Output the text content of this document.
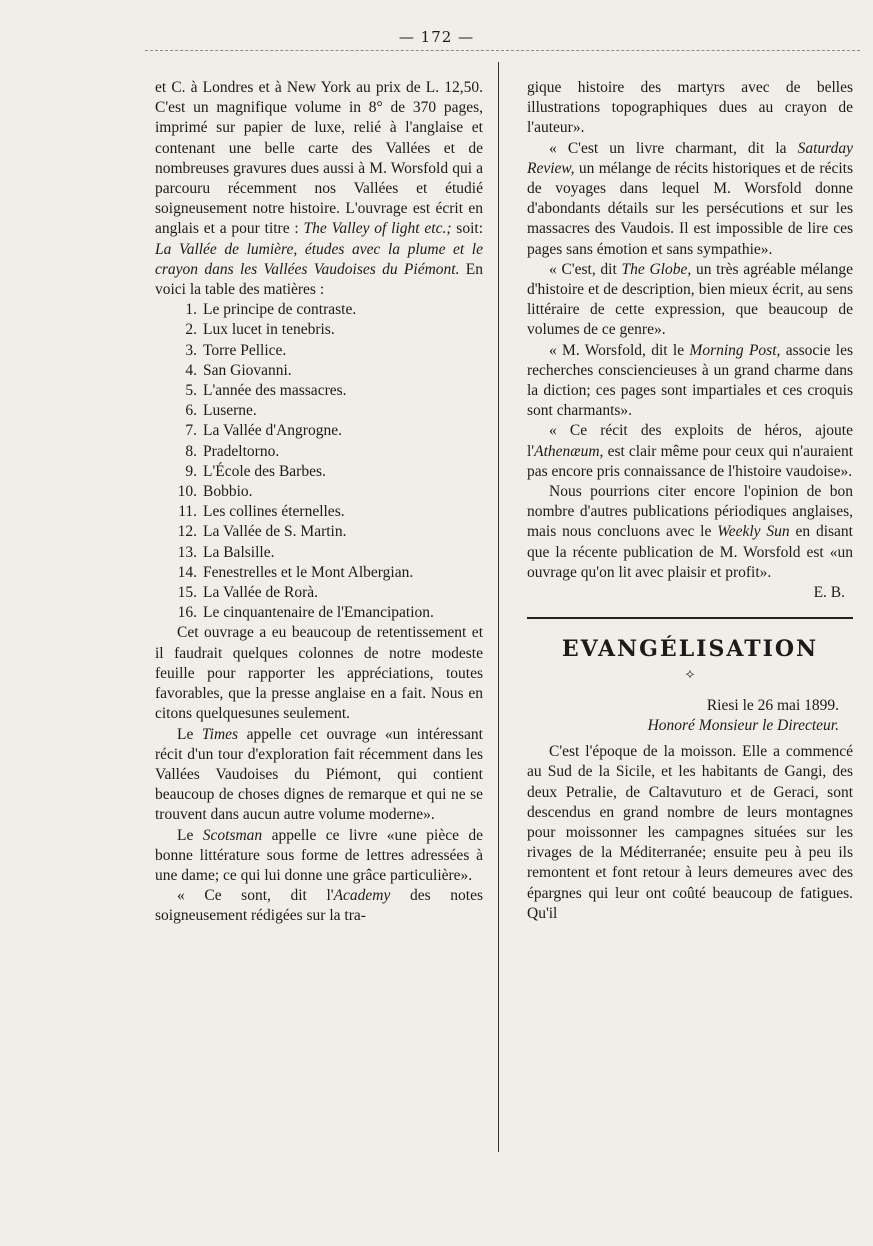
— 172 —

et C. à Londres et à New York au prix de L. 12,50. C'est un magnifique volume in 8° de 370 pages, imprimé sur papier de luxe, relié à l'anglaise et contenant une belle carte des Vallées et de nombreuses gravures dues aussi à M. Worsfold qui a parcouru récemment nos Vallées et étudié soigneusement notre histoire. L'ouvrage est écrit en anglais et a pour titre : The Valley of light etc.; soit: La Vallée de lumière, études avec la plume et le crayon dans les Vallées Vaudoises du Piémont. En voici la table des matières :

1. Le principe de contraste.
2. Lux lucet in tenebris.
3. Torre Pellice.
4. San Giovanni.
5. L'année des massacres.
6. Luserne.
7. La Vallée d'Angrogne.
8. Pradeltorno.
9. L'École des Barbes.
10. Bobbio.
11. Les collines éternelles.
12. La Vallée de S. Martin.
13. La Balsille.
14. Fenestrelles et le Mont Albergian.
15. La Vallée de Rorà.
16. Le cinquantenaire de l'Emancipation.

Cet ouvrage a eu beaucoup de retentissement et il faudrait quelques colonnes de notre modeste feuille pour rapporter les appréciations, toutes favorables, que la presse anglaise en a fait. Nous en citons quelquesunes seulement.

Le Times appelle cet ouvrage «un intéressant récit d'un tour d'exploration fait récemment dans les Vallées Vaudoises du Piémont, qui contient beaucoup de choses dignes de remarque et qui ne se trouvent dans aucun autre volume moderne».

Le Scotsman appelle ce livre «une pièce de bonne littérature sous forme de lettres adressées à une dame; ce qui lui donne une grâce particulière».

« Ce sont, dit l'Academy des notes soigneusement rédigées sur la tra-

gique histoire des martyrs avec de belles illustrations topographiques dues au crayon de l'auteur».

« C'est un livre charmant, dit la Saturday Review, un mélange de récits historiques et de récits de voyages dans lequel M. Worsfold donne d'abondants détails sur les persécutions et sur les massacres des Vaudois. Il est impossible de lire ces pages sans émotion et sans sympathie».

« C'est, dit The Globe, un très agréable mélange d'histoire et de description, bien mieux écrit, au sens littéraire de cette expression, que beaucoup de volumes de ce genre».

« M. Worsfold, dit le Morning Post, associe les recherches consciencieuses à un grand charme dans la diction; ces pages sont impartiales et ces croquis sont charmants».

« Ce récit des exploits de héros, ajoute l'Athenæum, est clair même pour ceux qui n'auraient pas encore pris connaissance de l'histoire vaudoise».

Nous pourrions citer encore l'opinion de bon nombre d'autres publications périodiques anglaises, mais nous concluons avec le Weekly Sun en disant que la récente publication de M. Worsfold est «un ouvrage qu'on lit avec plaisir et profit».

E. B.
EVANGÉLISATION
⟡
Riesi le 26 mai 1899.
Honoré Monsieur le Directeur.

C'est l'époque de la moisson. Elle a commencé au Sud de la Sicile, et les habitants de Gangi, des deux Petralie, de Caltavuturo et de Geraci, sont descendus en grand nombre de leurs montagnes pour moissonner les campagnes situées sur les rivages de la Méditerranée; ensuite peu à peu ils remontent et font retour à leurs demeures avec des épargnes qui leur ont coûté beaucoup de fatigues. Qu'il
